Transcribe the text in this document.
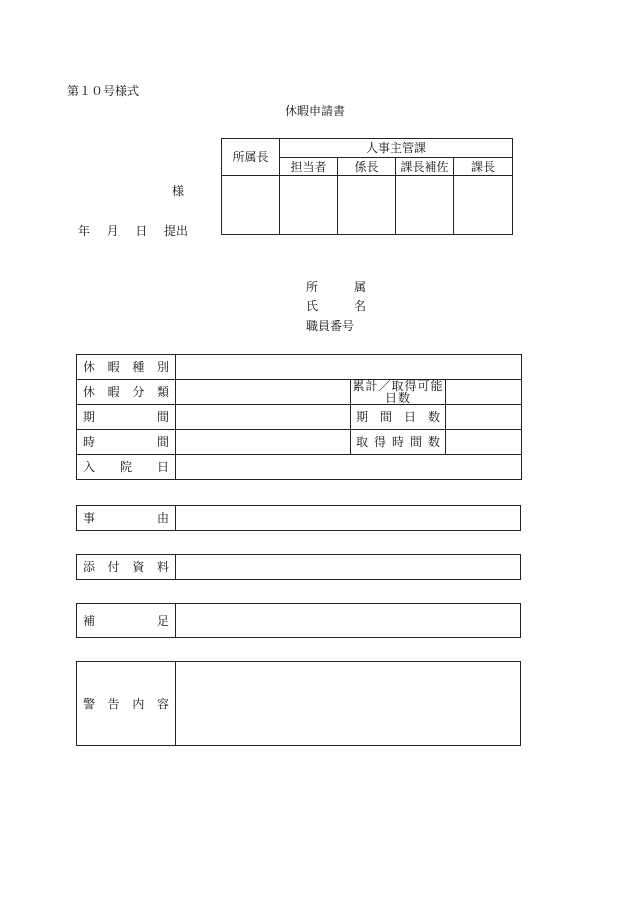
第１０号様式
休暇申請書
様
年 月 日 提出
所属長	人事主管課			
	担当者	係長	課長補佐	課長

所	属
氏	名
職員番号
休 暇 種 別			

休 暇 分 類		累計／取得可能日数	

期 間		期 間 日 数	

時 間		取 得 時 間 数	

入 院 日			

事	由

添 付 資 料

補	足

警 告 内 容
